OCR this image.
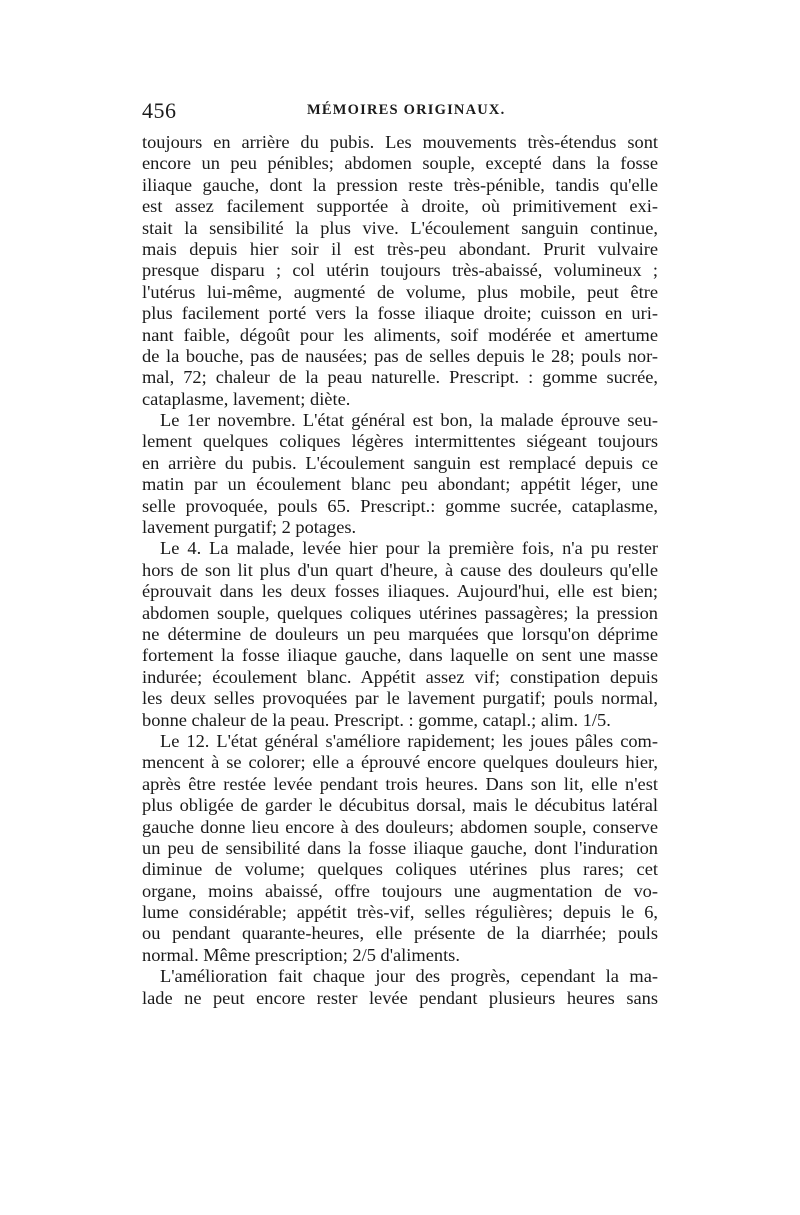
456	MÉMOIRES ORIGINAUX.
toujours en arrière du pubis. Les mouvements très-étendus sont
encore un peu pénibles; abdomen souple, excepté dans la fosse
iliaque gauche, dont la pression reste très-pénible, tandis qu'elle
est assez facilement supportée à droite, où primitivement exi-
stait la sensibilité la plus vive. L'écoulement sanguin continue,
mais depuis hier soir il est très-peu abondant. Prurit vulvaire
presque disparu ; col utérin toujours très-abaissé, volumineux ;
l'utérus lui-même, augmenté de volume, plus mobile, peut être
plus facilement porté vers la fosse iliaque droite; cuisson en uri-
nant faible, dégoût pour les aliments, soif modérée et amertume
de la bouche, pas de nausées; pas de selles depuis le 28; pouls nor-
mal, 72; chaleur de la peau naturelle. Prescript. : gomme sucrée,
cataplasme, lavement; diète.
Le 1er novembre. L'état général est bon, la malade éprouve seu-
lement quelques coliques légères intermittentes siégeant toujours
en arrière du pubis. L'écoulement sanguin est remplacé depuis ce
matin par un écoulement blanc peu abondant; appétit léger, une
selle provoquée, pouls 65. Prescript.: gomme sucrée, cataplasme,
lavement purgatif; 2 potages.
Le 4. La malade, levée hier pour la première fois, n'a pu rester
hors de son lit plus d'un quart d'heure, à cause des douleurs qu'elle
éprouvait dans les deux fosses iliaques. Aujourd'hui, elle est bien;
abdomen souple, quelques coliques utérines passagères; la pression
ne détermine de douleurs un peu marquées que lorsqu'on déprime
fortement la fosse iliaque gauche, dans laquelle on sent une masse
indurée; écoulement blanc. Appétit assez vif; constipation depuis
les deux selles provoquées par le lavement purgatif; pouls normal,
bonne chaleur de la peau. Prescript. : gomme, catapl.; alim. 1/5.
Le 12. L'état général s'améliore rapidement; les joues pâles com-
mencent à se colorer; elle a éprouvé encore quelques douleurs hier,
après être restée levée pendant trois heures. Dans son lit, elle n'est
plus obligée de garder le décubitus dorsal, mais le décubitus latéral
gauche donne lieu encore à des douleurs; abdomen souple, conserve
un peu de sensibilité dans la fosse iliaque gauche, dont l'induration
diminue de volume; quelques coliques utérines plus rares; cet
organe, moins abaissé, offre toujours une augmentation de vo-
lume considérable; appétit très-vif, selles régulières; depuis le 6,
ou pendant quarante-heures, elle présente de la diarrhée; pouls
normal. Même prescription; 2/5 d'aliments.
L'amélioration fait chaque jour des progrès, cependant la ma-
lade ne peut encore rester levée pendant plusieurs heures sans
